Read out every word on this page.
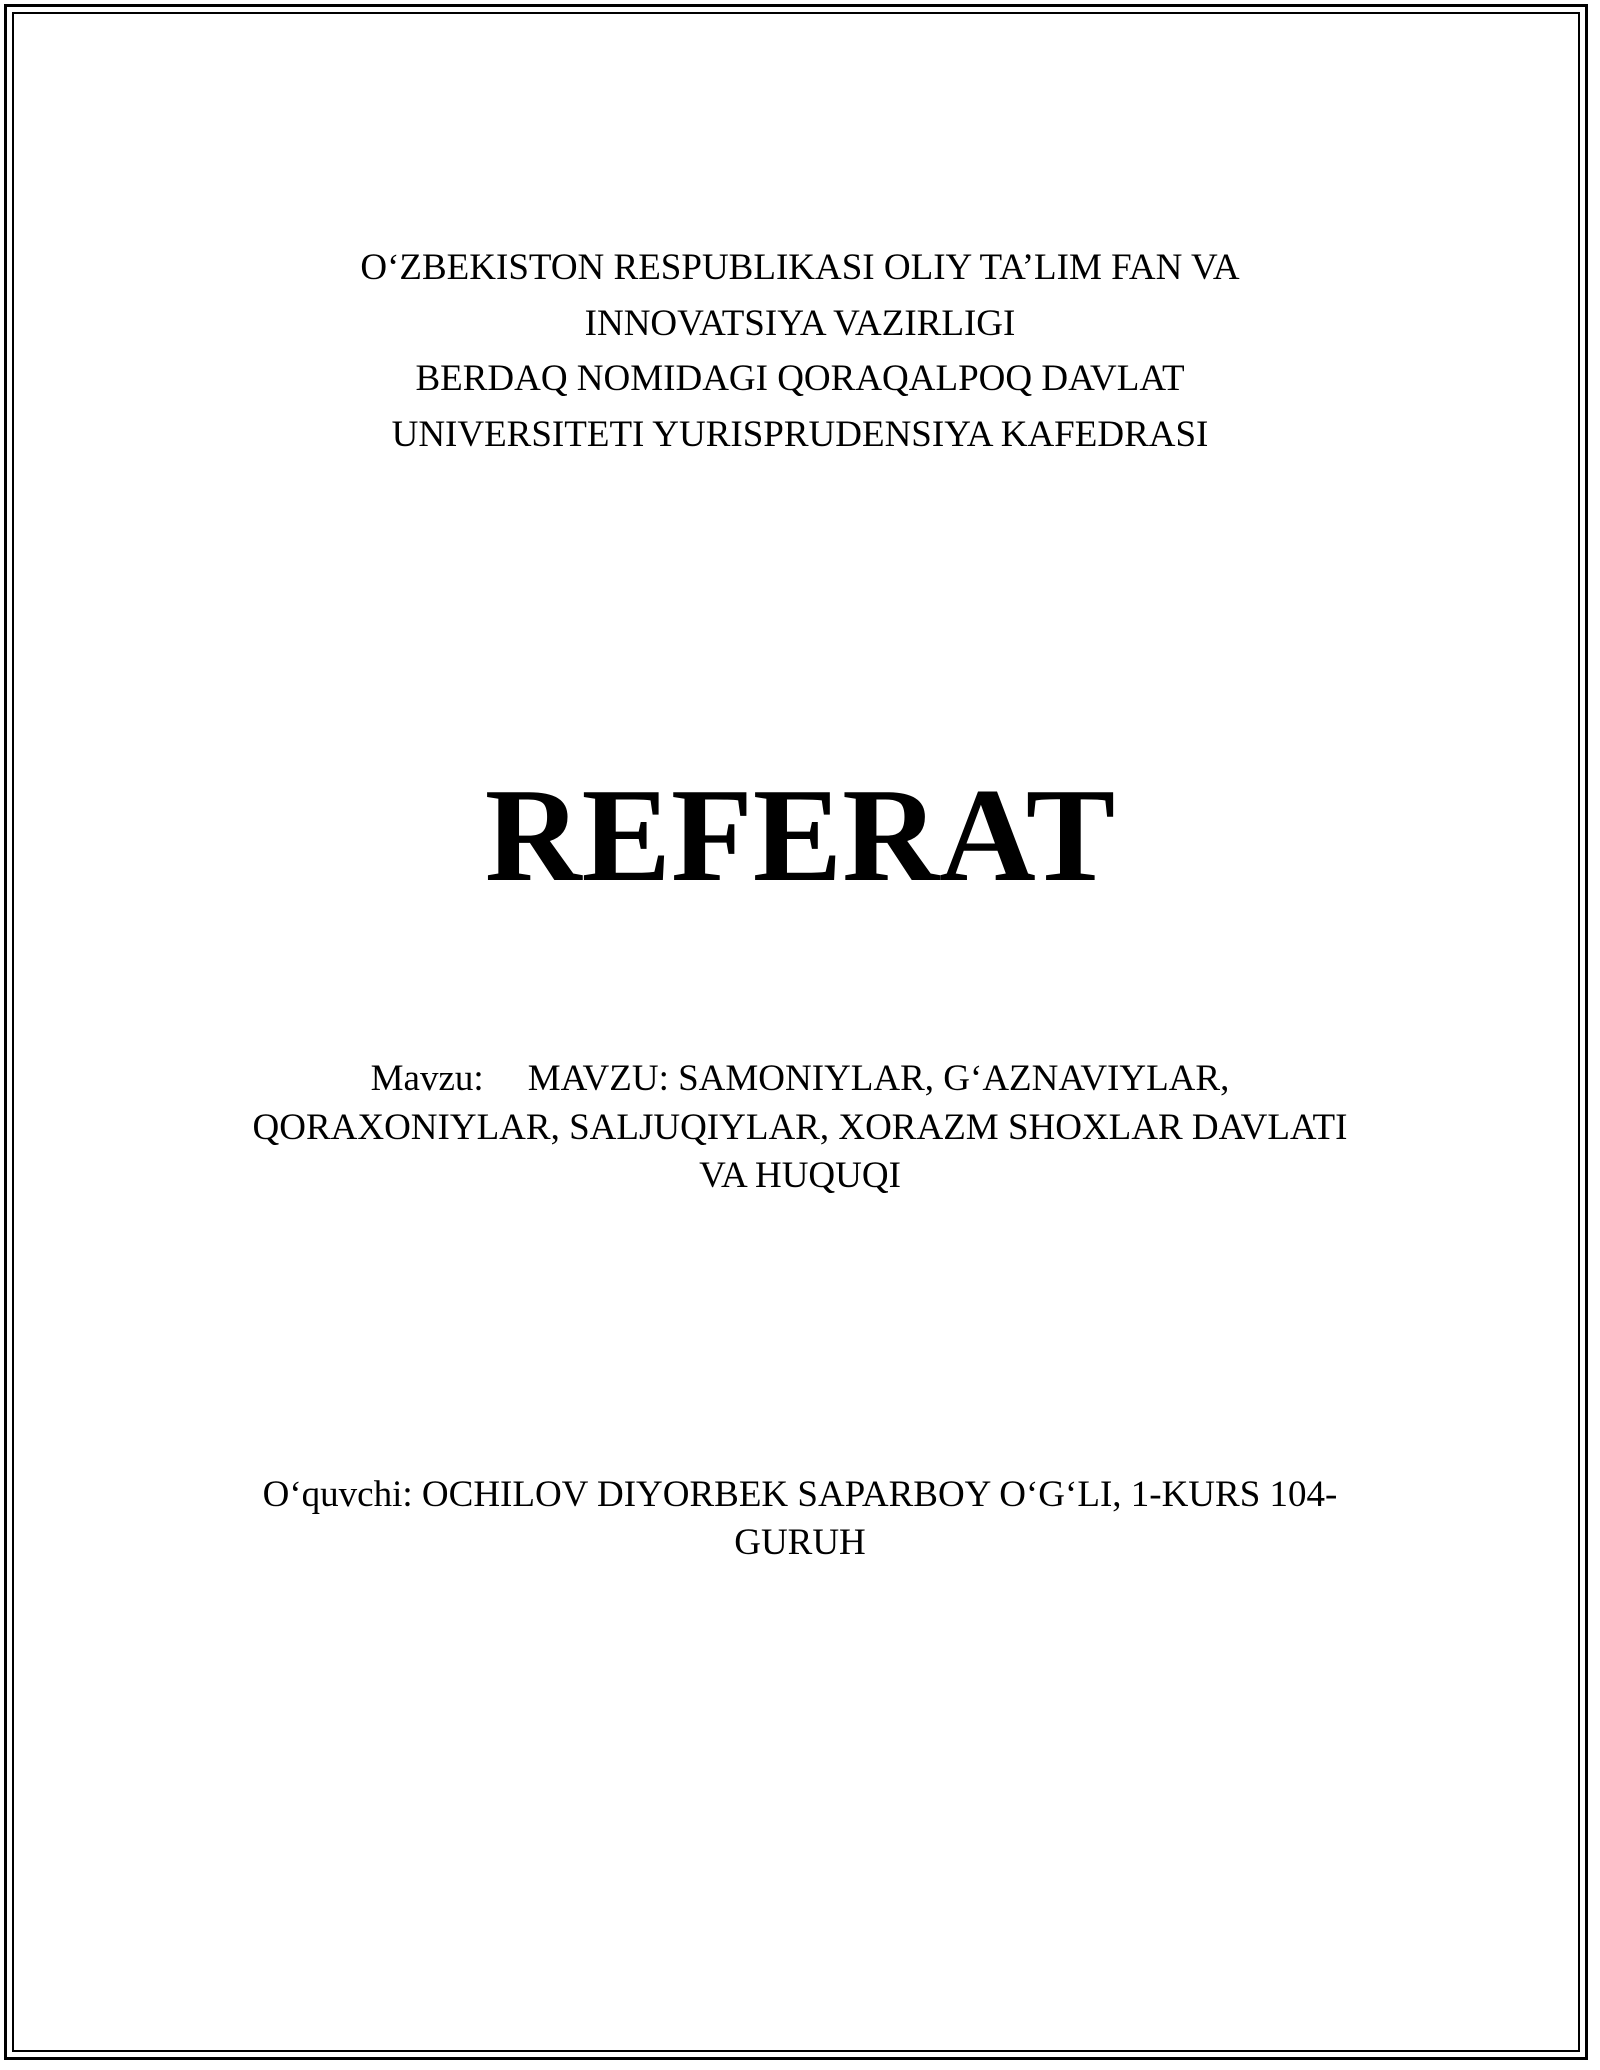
O‘ZBEKISTON RESPUBLIKASI OLIY TA’LIM FAN VA
INNOVATSIYA VAZIRLIGI
BERDAQ NOMIDAGI QORAQALPOQ DAVLAT
UNIVERSITETI YURISPRUDENSIYA KAFEDRASI
REFERAT
Mavzu: MAVZU: SAMONIYLAR, G‘AZNAVIYLAR,
QORAXONIYLAR, SALJUQIYLAR, XORAZM SHOXLAR DAVLATI
VA HUQUQI
O‘quvchi: OCHILOV DIYORBEK SAPARBOY O‘G‘LI, 1-KURS 104-
GURUH
